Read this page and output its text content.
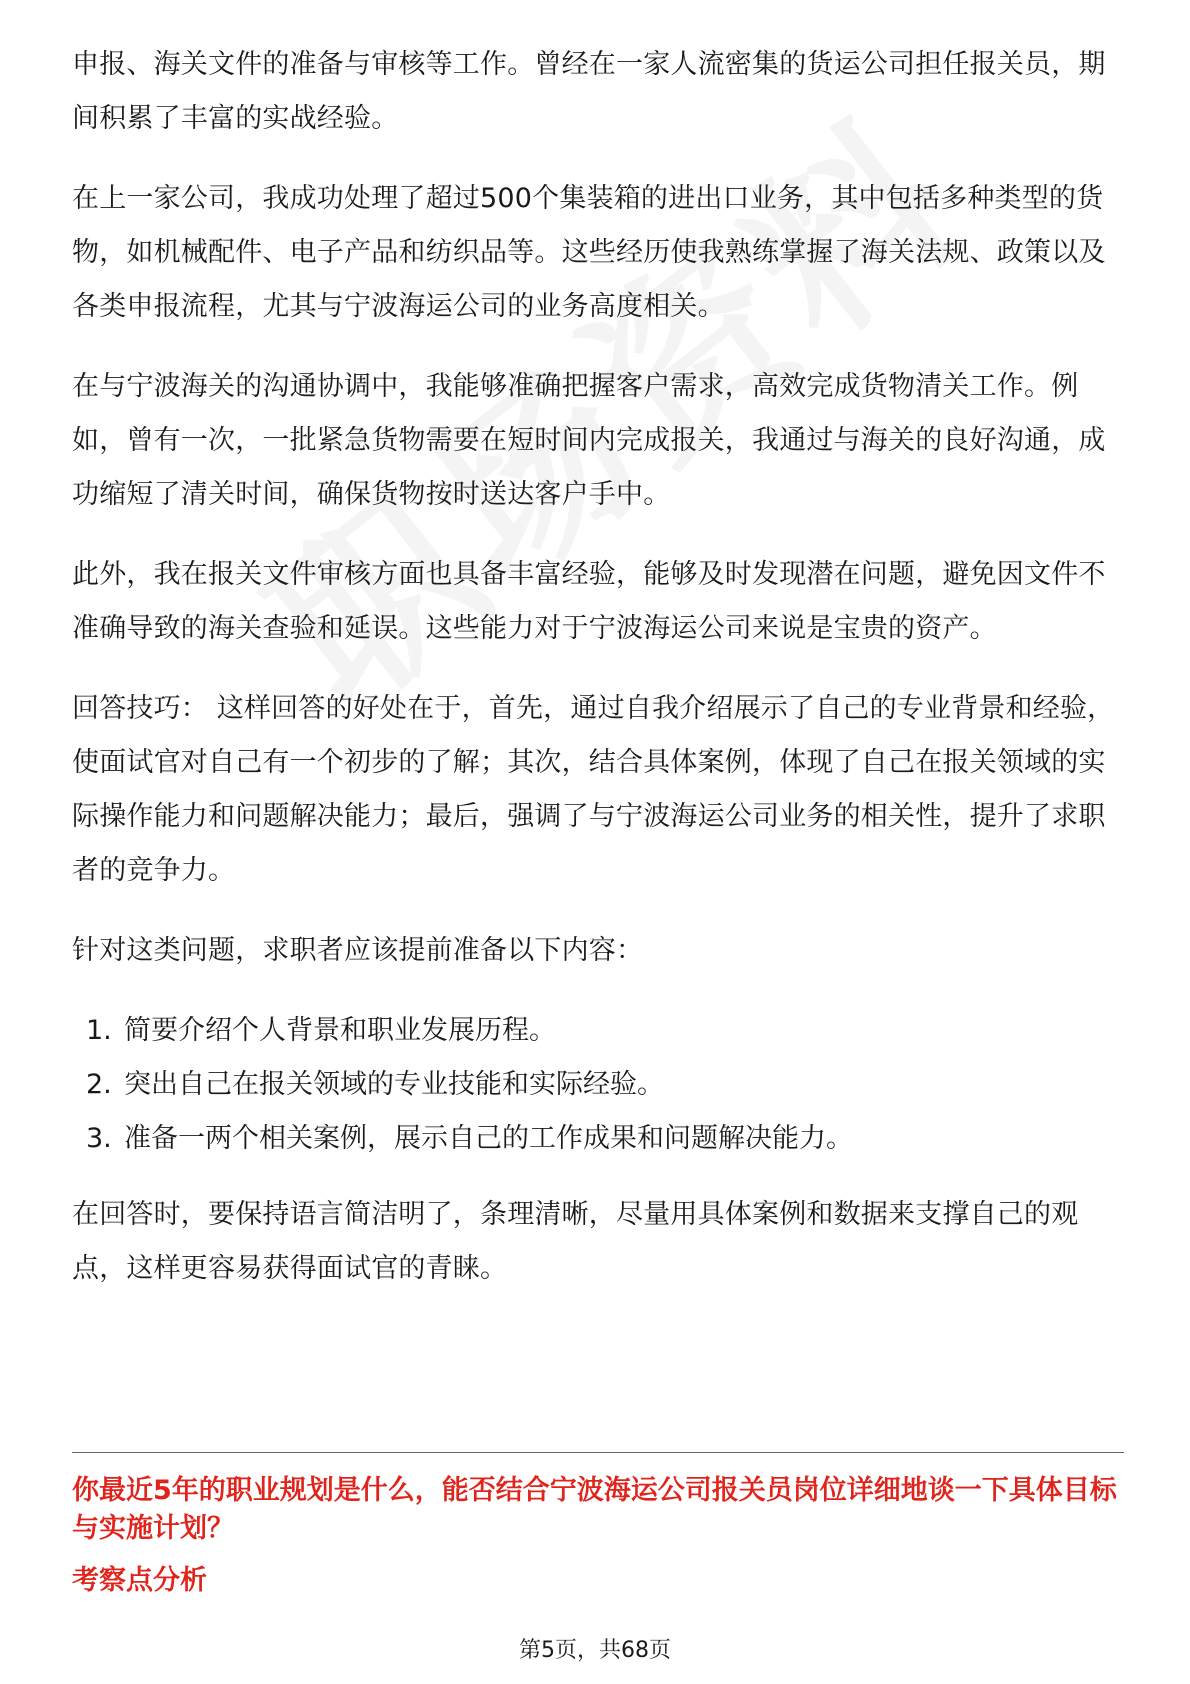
申报、海关文件的准备与审核等工作。曾经在一家人流密集的货运公司担任报关员，期间积累了丰富的实战经验。

在上一家公司，我成功处理了超过500个集装箱的进出口业务，其中包括多种类型的货物，如机械配件、电子产品和纺织品等。这些经历使我熟练掌握了海关法规、政策以及各类申报流程，尤其与宁波海运公司的业务高度相关。

在与宁波海关的沟通协调中，我能够准确把握客户需求，高效完成货物清关工作。例如，曾有一次，一批紧急货物需要在短时间内完成报关，我通过与海关的良好沟通，成功缩短了清关时间，确保货物按时送达客户手中。

此外，我在报关文件审核方面也具备丰富经验，能够及时发现潜在问题，避免因文件不准确导致的海关查验和延误。这些能力对于宁波海运公司来说是宝贵的资产。

回答技巧： 这样回答的好处在于，首先，通过自我介绍展示了自己的专业背景和经验，使面试官对自己有一个初步的了解；其次，结合具体案例，体现了自己在报关领域的实际操作能力和问题解决能力；最后，强调了与宁波海运公司业务的相关性，提升了求职者的竞争力。

针对这类问题，求职者应该提前准备以下内容：

1. 简要介绍个人背景和职业发展历程。
2. 突出自己在报关领域的专业技能和实际经验。
3. 准备一两个相关案例，展示自己的工作成果和问题解决能力。

在回答时，要保持语言简洁明了，条理清晰，尽量用具体案例和数据来支撑自己的观点，这样更容易获得面试官的青睐。

你最近5年的职业规划是什么，能否结合宁波海运公司报关员岗位详细地谈一下具体目标与实施计划？

考察点分析

第5页，共68页
